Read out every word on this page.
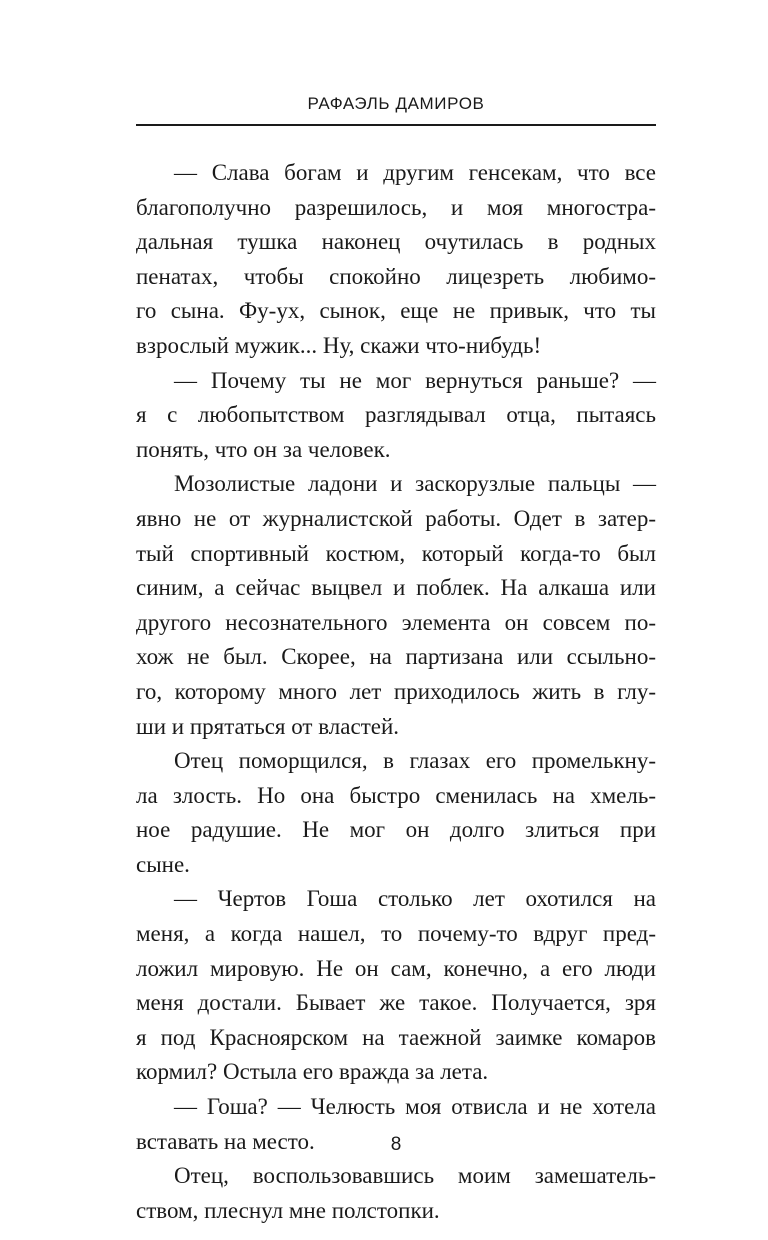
РАФАЭЛЬ ДАМИРОВ

— Слава богам и другим генсекам, что все
благополучно разрешилось, и моя многостра-
дальная тушка наконец очутилась в родных
пенатах, чтобы спокойно лицезреть любимо-
го сына. Фу-ух, сынок, еще не привык, что ты
взрослый мужик... Ну, скажи что-нибудь!

— Почему ты не мог вернуться раньше? —
я с любопытством разглядывал отца, пытаясь
понять, что он за человек.

Мозолистые ладони и заскорузлые пальцы —
явно не от журналистской работы. Одет в затер-
тый спортивный костюм, который когда-то был
синим, а сейчас выцвел и поблек. На алкаша или
другого несознательного элемента он совсем по-
хож не был. Скорее, на партизана или ссыльно-
го, которому много лет приходилось жить в глу-
ши и прятаться от властей.

Отец поморщился, в глазах его промелькну-
ла злость. Но она быстро сменилась на хмель-
ное радушие. Не мог он долго злиться при
сыне.

— Чертов Гоша столько лет охотился на
меня, а когда нашел, то почему-то вдруг пред-
ложил мировую. Не он сам, конечно, а его люди
меня достали. Бывает же такое. Получается, зря
я под Красноярском на таежной заимке комаров
кормил? Остыла его вражда за лета.

— Гоша? — Челюсть моя отвисла и не хотела
вставать на место.

Отец, воспользовавшись моим замешатель-
ством, плеснул мне полстопки.

8
